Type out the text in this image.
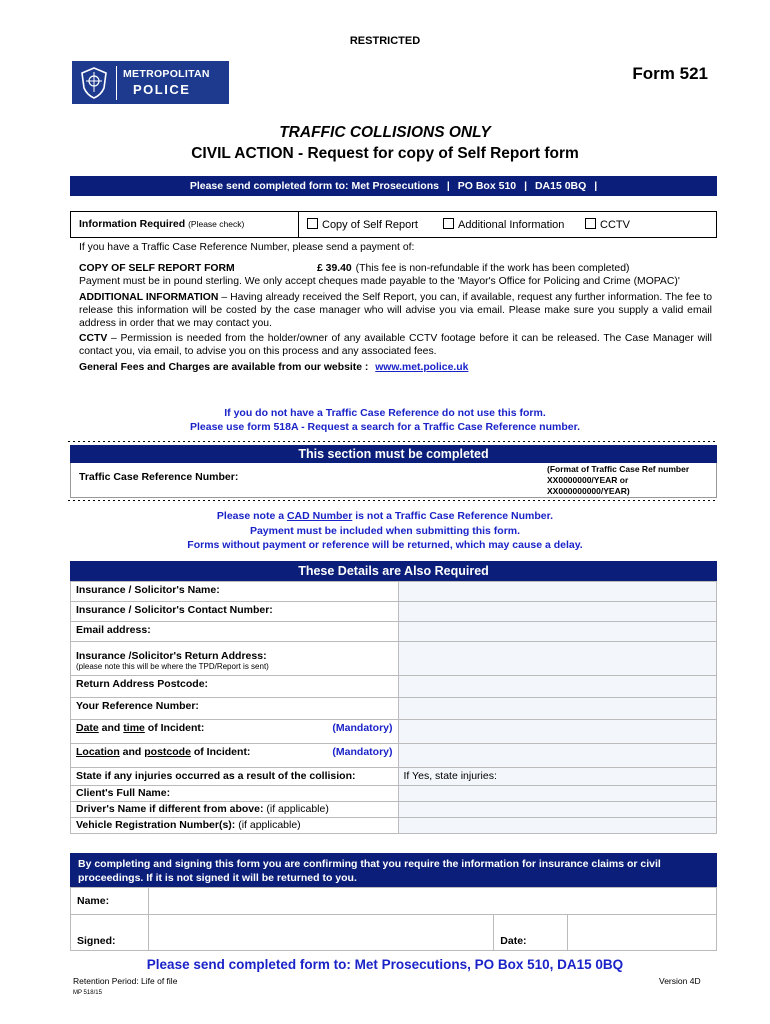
RESTRICTED
METROPOLITAN
POLICE
Form 521
TRAFFIC COLLISIONS ONLY
CIVIL ACTION - Request for copy of Self Report form
Please send completed form to: Met Prosecutions | PO Box 510 | DA15 0BQ |
Information Required (Please check)	Copy of Self Report	Additional Information	CCTV

If you have a Traffic Case Reference Number, please send a payment of:

COPY OF SELF REPORT FORM	£ 39.40 (This fee is non-refundable if the work has been completed)

Payment must be in pound sterling. We only accept cheques made payable to the 'Mayor's Office for Policing and Crime (MOPAC)'

ADDITIONAL INFORMATION – Having already received the Self Report, you can, if available, request any further information. The fee to release this information will be costed by the case manager who will advise you via email. Please make sure you supply a valid email address in order that we may contact you.

CCTV – Permission is needed from the holder/owner of any available CCTV footage before it can be released. The Case Manager will contact you, via email, to advise you on this process and any associated fees.

General Fees and Charges are available from our website : www.met.police.uk

If you do not have a Traffic Case Reference do not use this form.
Please use form 518A - Request a search for a Traffic Case Reference number.
This section must be completed
Traffic Case Reference Number:
(Format of Traffic Case Ref number
XX0000000/YEAR or
XX000000000/YEAR)
Please note a CAD Number is not a Traffic Case Reference Number.
Payment must be included when submitting this form.
Forms without payment or reference will be returned, which may cause a delay.
These Details are Also Required
Insurance / Solicitor's Name:	
Insurance / Solicitor's Contact Number:	
Email address:	

Insurance /Solicitor's Return Address:
(please note this will be where the TPD/Report is sent)	

Return Address Postcode:	
Your Reference Number:	
Date and time of Incident: (Mandatory)	

Location and postcode of Incident: (Mandatory)	

State if any injuries occurred as a result of the collision:	If Yes, state injuries:
Client's Full Name:	
Driver's Name if different from above: (if applicable)	
Vehicle Registration Number(s): (if applicable)	
By completing and signing this form you are confirming that you require the information for insurance claims or civil proceedings. If it is not signed it will be returned to you.
Name:			
Signed:		Date:	
Please send completed form to: Met Prosecutions, PO Box 510, DA15 0BQ
Retention Period: Life of file	Version 4D
MP 518/15
